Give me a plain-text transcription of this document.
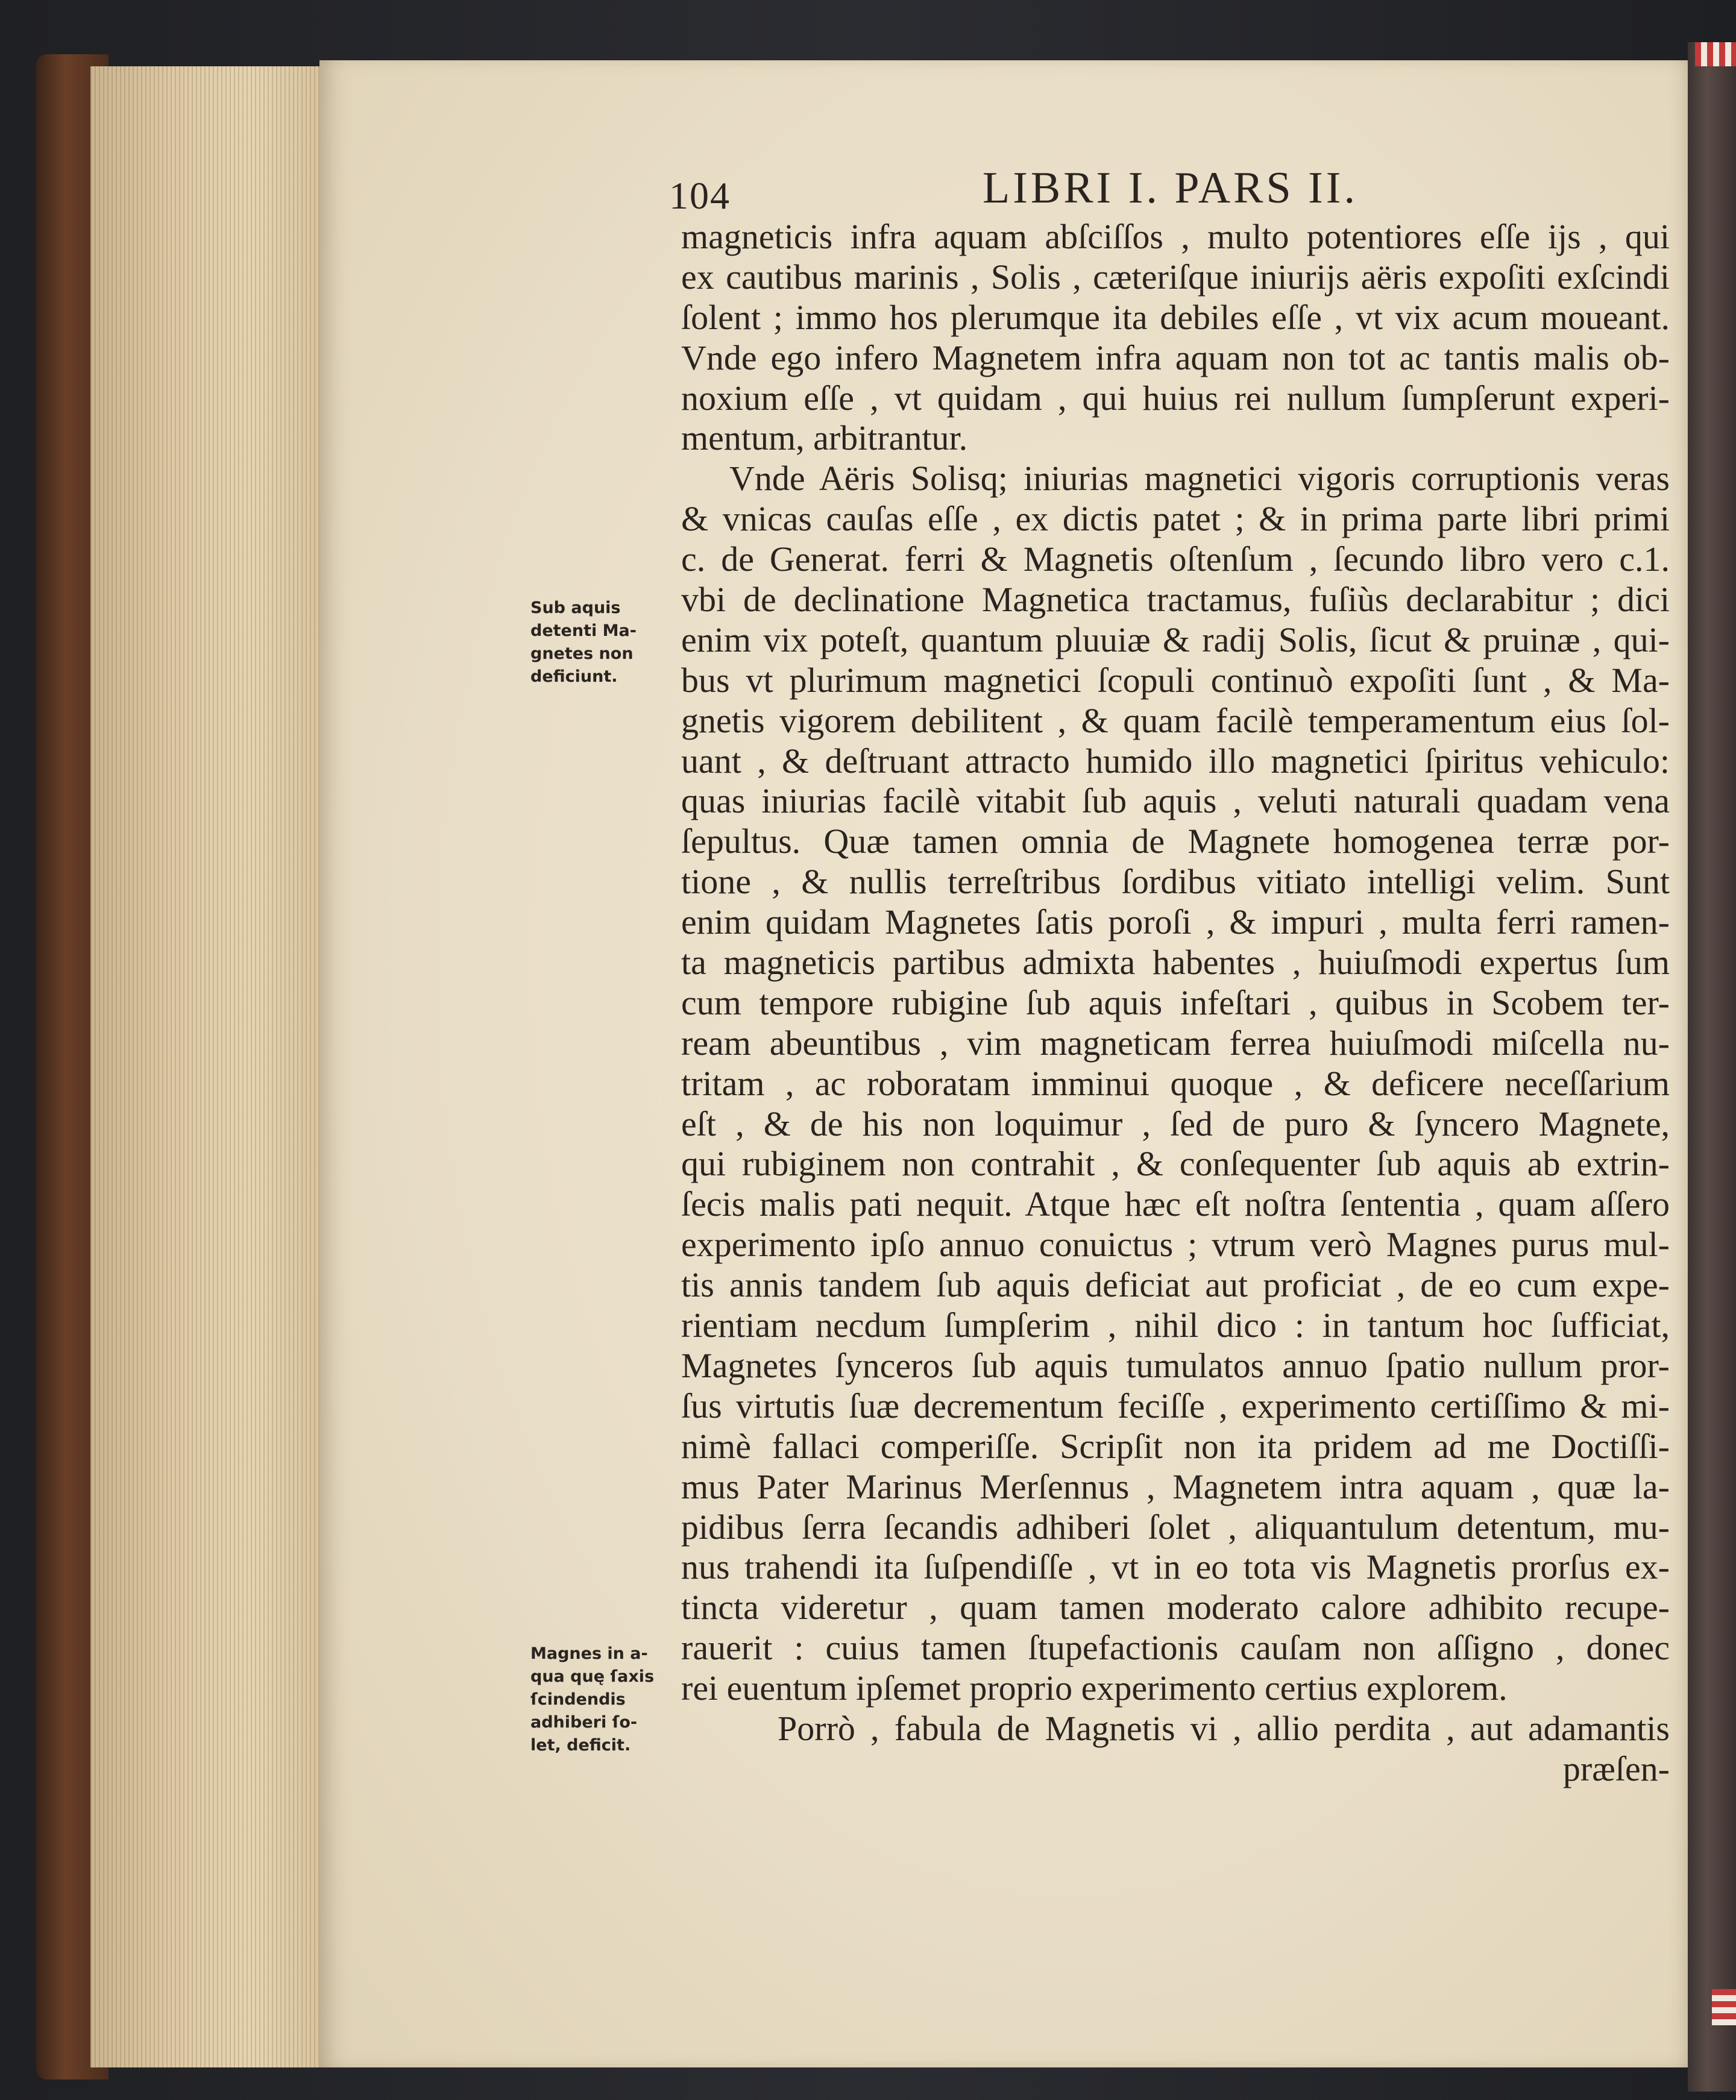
104	LIBRI I. PARS II.
magneticis infra aquam abſciſſos , multo potentiores eſſe ijs , qui
ex cautibus marinis , Solis , cæteriſque iniurijs aëris expoſiti exſcindi
ſolent ; immo hos plerumque ita debiles eſſe , vt vix acum moueant.
Vnde ego infero Magnetem infra aquam non tot ac tantis malis ob-
noxium eſſe , vt quidam , qui huius rei nullum ſumpſerunt experi-
mentum, arbitrantur.
Vnde Aëris Solisq; iniurias magnetici vigoris corruptionis veras
& vnicas cauſas eſſe , ex dictis patet ; & in prima parte libri primi
c. de Generat. ferri & Magnetis oſtenſum , ſecundo libro vero c.1.
vbi de declinatione Magnetica tractamus, fuſiùs declarabitur ; dici
enim vix poteſt, quantum pluuiæ & radij Solis, ſicut & pruinæ , qui-
bus vt plurimum magnetici ſcopuli continuò expoſiti ſunt , & Ma-
gnetis vigorem debilitent , & quam facilè temperamentum eius ſol-
uant , & deſtruant attracto humido illo magnetici ſpiritus vehiculo:
quas iniurias facilè vitabit ſub aquis , veluti naturali quadam vena
ſepultus. Quæ tamen omnia de Magnete homogenea terræ por-
tione , & nullis terreſtribus ſordibus vitiato intelligi velim. Sunt
enim quidam Magnetes ſatis poroſi , & impuri , multa ferri ramen-
ta magneticis partibus admixta habentes , huiuſmodi expertus ſum
cum tempore rubigine ſub aquis infeſtari , quibus in Scobem ter-
ream abeuntibus , vim magneticam ferrea huiuſmodi miſcella nu-
tritam , ac roboratam imminui quoque , & deficere neceſſarium
eſt , & de his non loquimur , ſed de puro & ſyncero Magnete,
qui rubiginem non contrahit , & conſequenter ſub aquis ab extrin-
ſecis malis pati nequit. Atque hæc eſt noſtra ſententia , quam aſſero
experimento ipſo annuo conuictus ; vtrum verò Magnes purus mul-
tis annis tandem ſub aquis deficiat aut proficiat , de eo cum expe-
rientiam necdum ſumpſerim , nihil dico : in tantum hoc ſufficiat,
Magnetes ſynceros ſub aquis tumulatos annuo ſpatio nullum pror-
ſus virtutis ſuæ decrementum feciſſe , experimento certiſſimo & mi-
nimè fallaci comperiſſe. Scripſit non ita pridem ad me Doctiſſi-
mus Pater Marinus Merſennus , Magnetem intra aquam , quæ la-
pidibus ſerra ſecandis adhiberi ſolet , aliquantulum detentum, mu-
nus trahendi ita ſuſpendiſſe , vt in eo tota vis Magnetis prorſus ex-
tincta videretur , quam tamen moderato calore adhibito recupe-
rauerit : cuius tamen ſtupefactionis cauſam non aſſigno , donec
rei euentum ipſemet proprio experimento certius explorem.
Porrò , fabula de Magnetis vi , allio perdita , aut adamantis
præſen-
Sub aquis
detenti Ma-
gnetes non
deficiunt.
Magnes in a-
qua quę ſaxis
ſcindendis
adhiberi ſo-
let, deficit.
